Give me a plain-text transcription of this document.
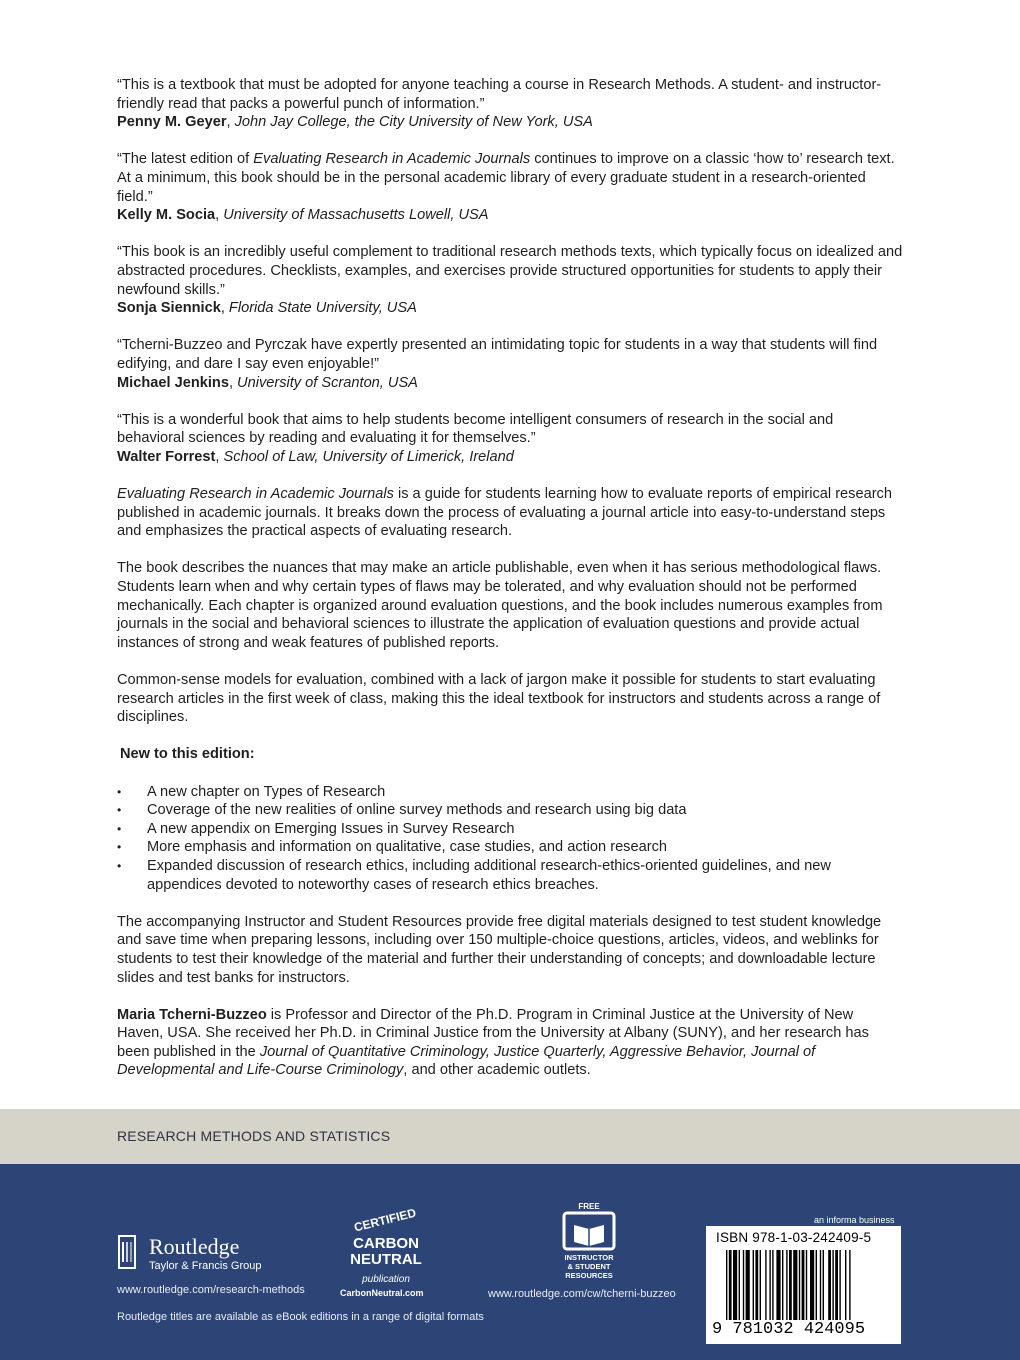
“This is a textbook that must be adopted for anyone teaching a course in Research Methods. A student- and instructor-friendly read that packs a powerful punch of information.”
Penny M. Geyer, John Jay College, the City University of New York, USA

“The latest edition of Evaluating Research in Academic Journals continues to improve on a classic ‘how to’ research text. At a minimum, this book should be in the personal academic library of every graduate student in a research-oriented field.”
Kelly M. Socia, University of Massachusetts Lowell, USA

“This book is an incredibly useful complement to traditional research methods texts, which typically focus on idealized and abstracted procedures. Checklists, examples, and exercises provide structured opportunities for students to apply their newfound skills.”
Sonja Siennick, Florida State University, USA

“Tcherni-Buzzeo and Pyrczak have expertly presented an intimidating topic for students in a way that students will find edifying, and dare I say even enjoyable!”
Michael Jenkins, University of Scranton, USA

“This is a wonderful book that aims to help students become intelligent consumers of research in the social and behavioral sciences by reading and evaluating it for themselves.”
Walter Forrest, School of Law, University of Limerick, Ireland

Evaluating Research in Academic Journals is a guide for students learning how to evaluate reports of empirical research published in academic journals. It breaks down the process of evaluating a journal article into easy-to-understand steps and emphasizes the practical aspects of evaluating research.

The book describes the nuances that may make an article publishable, even when it has serious methodological flaws. Students learn when and why certain types of flaws may be tolerated, and why evaluation should not be performed mechanically. Each chapter is organized around evaluation questions, and the book includes numerous examples from journals in the social and behavioral sciences to illustrate the application of evaluation questions and provide actual instances of strong and weak features of published reports.

Common-sense models for evaluation, combined with a lack of jargon make it possible for students to start evaluating research articles in the first week of class, making this the ideal textbook for instructors and students across a range of disciplines.

New to this edition:

• A new chapter on Types of Research
• Coverage of the new realities of online survey methods and research using big data
• A new appendix on Emerging Issues in Survey Research
• More emphasis and information on qualitative, case studies, and action research
• Expanded discussion of research ethics, including additional research-ethics-oriented guidelines, and new appendices devoted to noteworthy cases of research ethics breaches.

The accompanying Instructor and Student Resources provide free digital materials designed to test student knowledge and save time when preparing lessons, including over 150 multiple-choice questions, articles, videos, and weblinks for students to test their knowledge of the material and further their understanding of concepts; and downloadable lecture slides and test banks for instructors.

Maria Tcherni-Buzzeo is Professor and Director of the Ph.D. Program in Criminal Justice at the University of New Haven, USA. She received her Ph.D. in Criminal Justice from the University at Albany (SUNY), and her research has been published in the Journal of Quantitative Criminology, Justice Quarterly, Aggressive Behavior, Journal of Developmental and Life-Course Criminology, and other academic outlets.

RESEARCH METHODS AND STATISTICS
Routledge
Taylor & Francis Group
www.routledge.com/research-methods
Routledge titles are available as eBook editions in a range of digital formats
CERTIFIED
CARBON
NEUTRAL
publication
CarbonNeutral.com
FREE
INSTRUCTOR
& STUDENT
RESOURCES
www.routledge.com/cw/tcherni-buzzeo
an informa business
ISBN 978-1-03-242409-5
9 781032 424095
